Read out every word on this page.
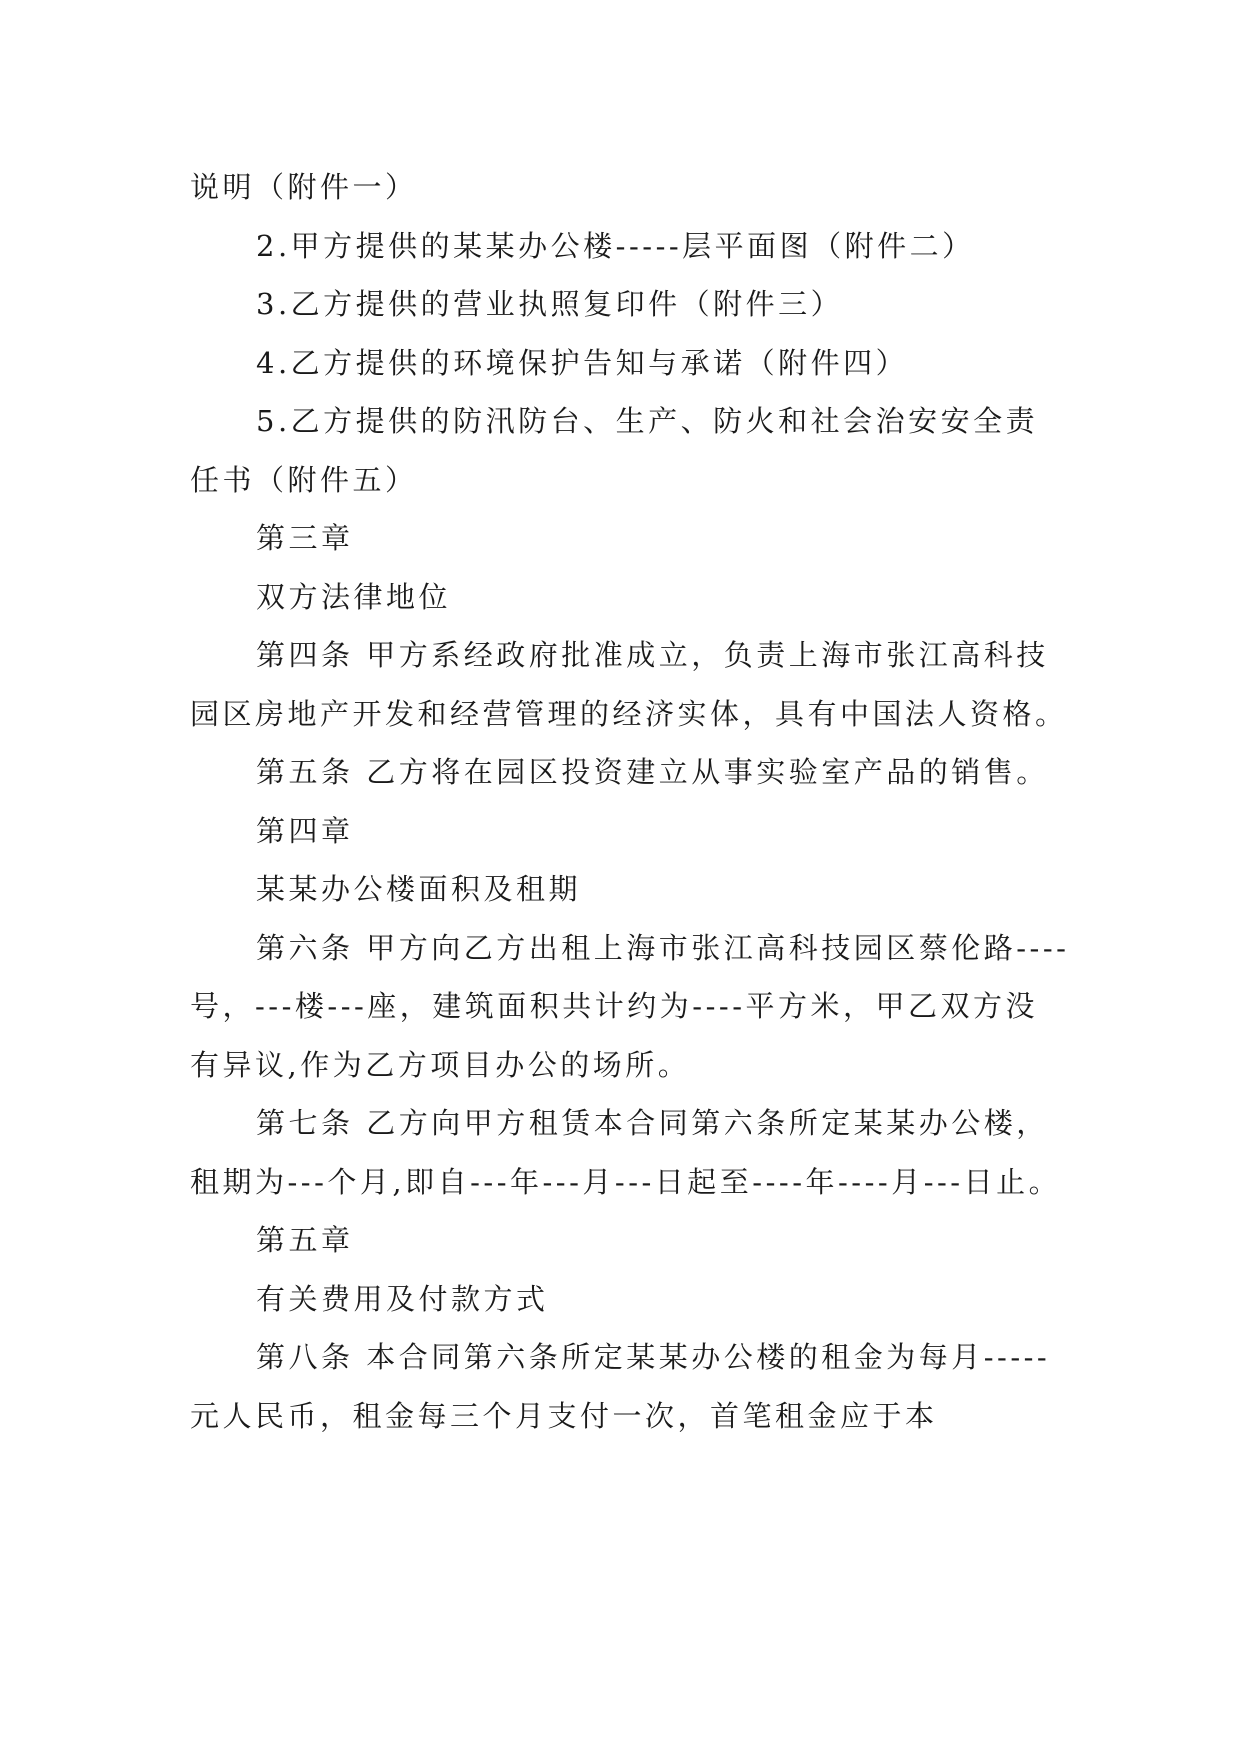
说明（附件一）

2.甲方提供的某某办公楼-----层平面图（附件二）

3.乙方提供的营业执照复印件（附件三）

4.乙方提供的环境保护告知与承诺（附件四）

5.乙方提供的防汛防台、生产、防火和社会治安安全责任书（附件五）

第三章

双方法律地位

第四条 甲方系经政府批准成立，负责上海市张江高科技园区房地产开发和经营管理的经济实体，具有中国法人资格。

第五条 乙方将在园区投资建立从事实验室产品的销售。

第四章

某某办公楼面积及租期

第六条 甲方向乙方出租上海市张江高科技园区蔡伦路----号，---楼---座，建筑面积共计约为----平方米，甲乙双方没有异议,作为乙方项目办公的场所。

第七条 乙方向甲方租赁本合同第六条所定某某办公楼，租期为---个月,即自---年---月---日起至----年----月---日止。

第五章

有关费用及付款方式

第八条 本合同第六条所定某某办公楼的租金为每月-----元人民币，租金每三个月支付一次，首笔租金应于本
